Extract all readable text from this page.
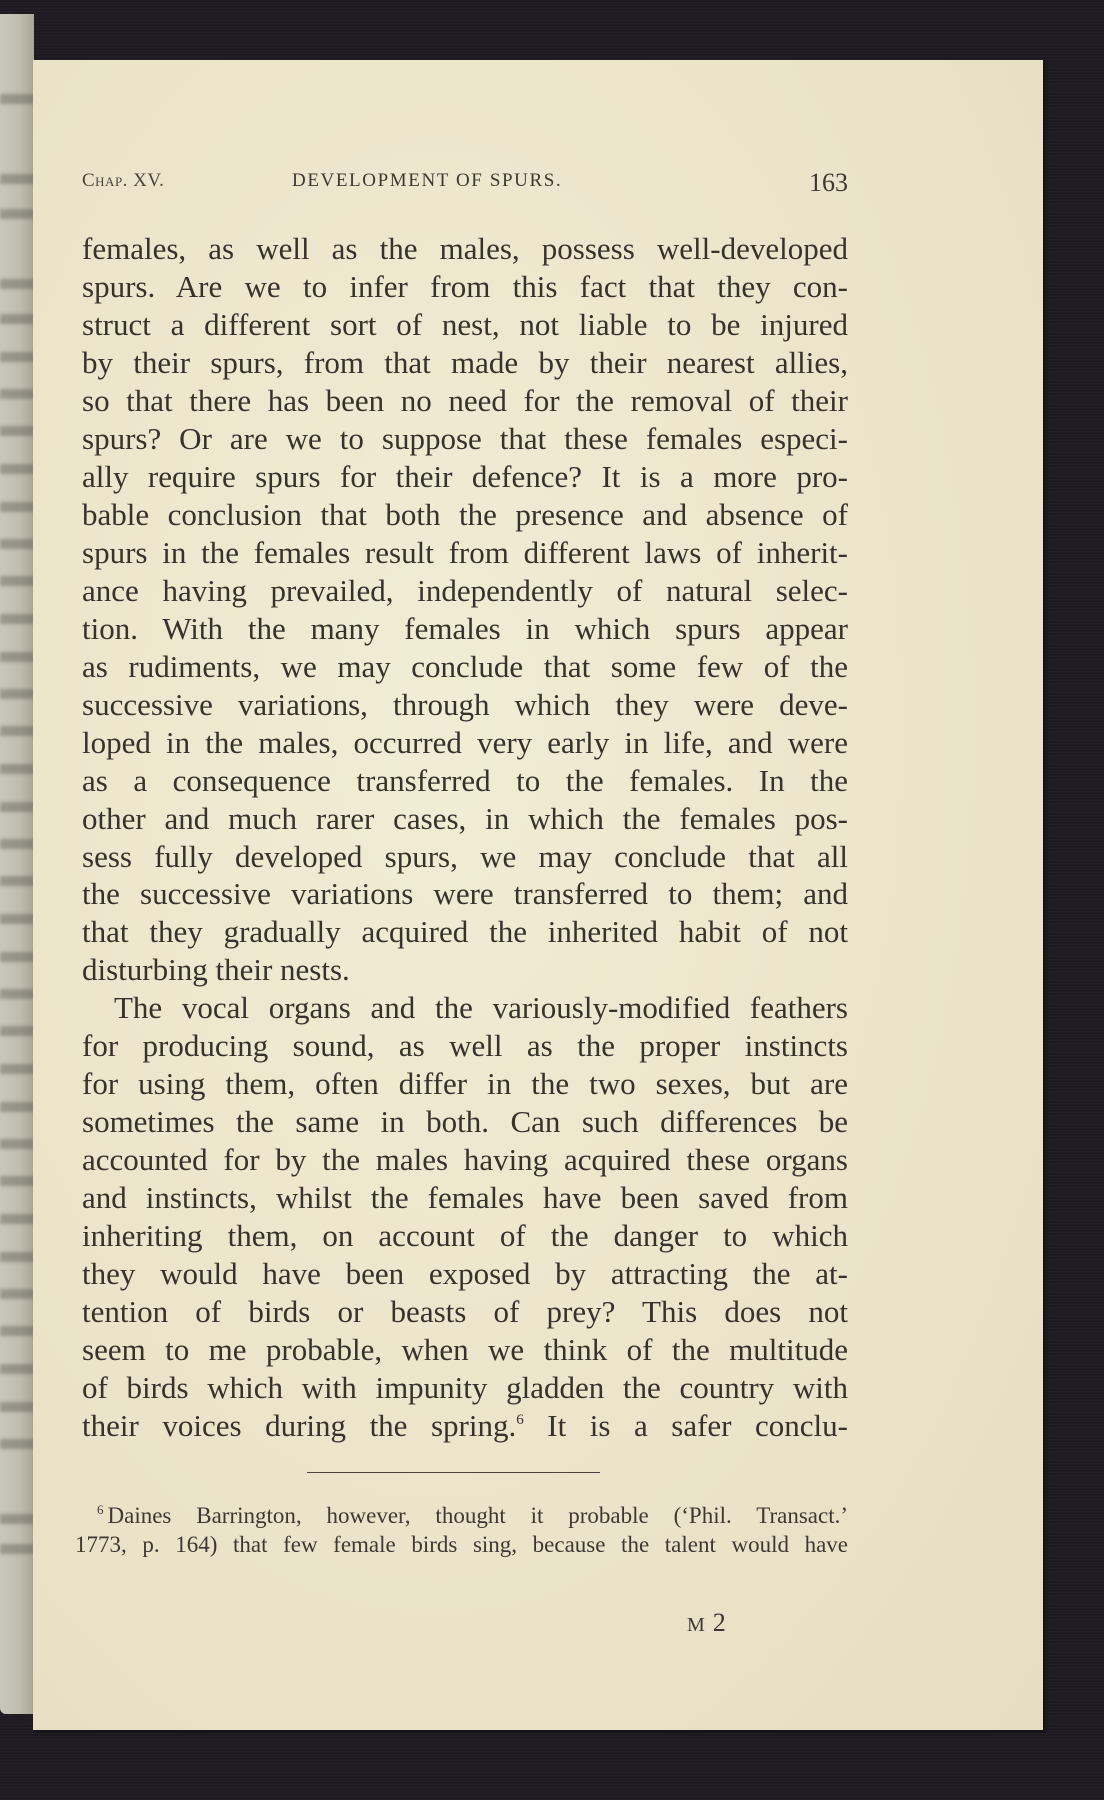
Chap. XV.	DEVELOPMENT OF SPURS.	163
females, as well as the males, possess well-developed
spurs. Are we to infer from this fact that they con-
struct a different sort of nest, not liable to be injured
by their spurs, from that made by their nearest allies,
so that there has been no need for the removal of their
spurs? Or are we to suppose that these females especi-
ally require spurs for their defence? It is a more pro-
bable conclusion that both the presence and absence of
spurs in the females result from different laws of inherit-
ance having prevailed, independently of natural selec-
tion. With the many females in which spurs appear
as rudiments, we may conclude that some few of the
successive variations, through which they were deve-
loped in the males, occurred very early in life, and were
as a consequence transferred to the females. In the
other and much rarer cases, in which the females pos-
sess fully developed spurs, we may conclude that all
the successive variations were transferred to them; and
that they gradually acquired the inherited habit of not
disturbing their nests.
The vocal organs and the variously-modified feathers
for producing sound, as well as the proper instincts
for using them, often differ in the two sexes, but are
sometimes the same in both. Can such differences be
accounted for by the males having acquired these organs
and instincts, whilst the females have been saved from
inheriting them, on account of the danger to which
they would have been exposed by attracting the at-
tention of birds or beasts of prey? This does not
seem to me probable, when we think of the multitude
of birds which with impunity gladden the country with
their voices during the spring.$^6$ It is a safer conclu-
$^6$ Daines Barrington, however, thought it probable (‘Phil. Transact.’
1773, p. 164) that few female birds sing, because the talent would have
M2
